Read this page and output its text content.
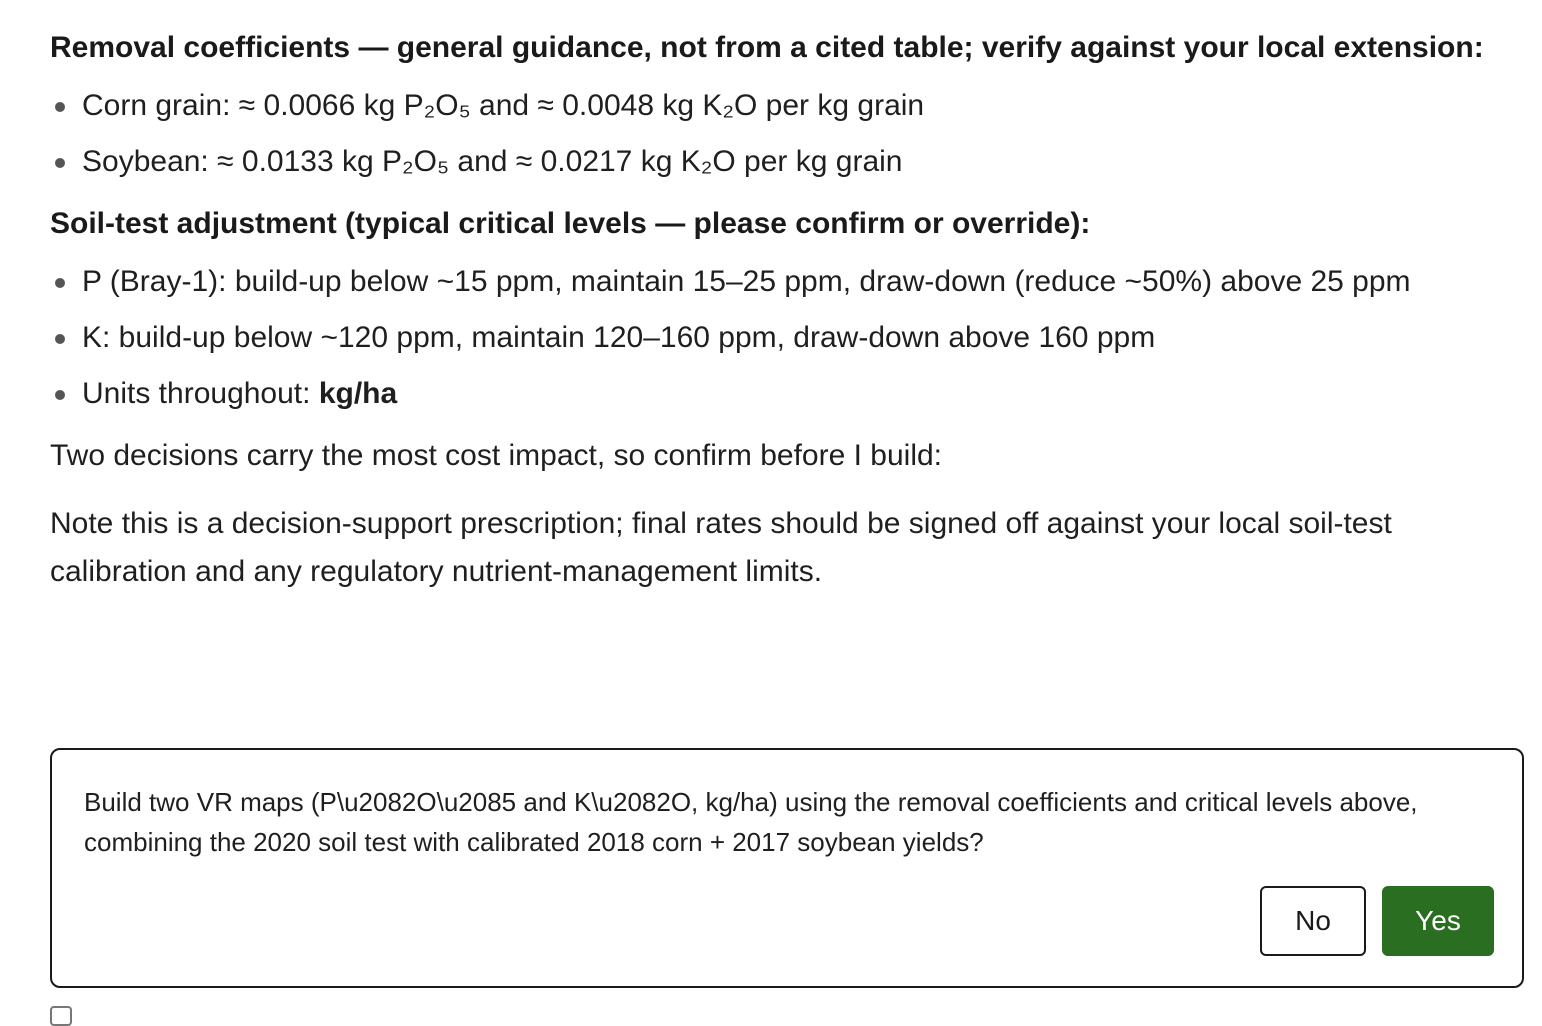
Removal coefficients — general guidance, not from a cited table; verify against your local extension:
Corn grain: ≈ 0.0066 kg P₂O₅ and ≈ 0.0048 kg K₂O per kg grain
Soybean: ≈ 0.0133 kg P₂O₅ and ≈ 0.0217 kg K₂O per kg grain
Soil-test adjustment (typical critical levels — please confirm or override):
P (Bray-1): build-up below ~15 ppm, maintain 15–25 ppm, draw-down (reduce ~50%) above 25 ppm
K: build-up below ~120 ppm, maintain 120–160 ppm, draw-down above 160 ppm
Units throughout: kg/ha

Two decisions carry the most cost impact, so confirm before I build:

Note this is a decision-support prescription; final rates should be signed off against your local soil-test calibration and any regulatory nutrient-management limits.

Build two VR maps (P\u2082O\u2085 and K\u2082O, kg/ha) using the removal coefficients and critical levels above, combining the 2020 soil test with calibrated 2018 corn + 2017 soybean yields?
No	Yes
